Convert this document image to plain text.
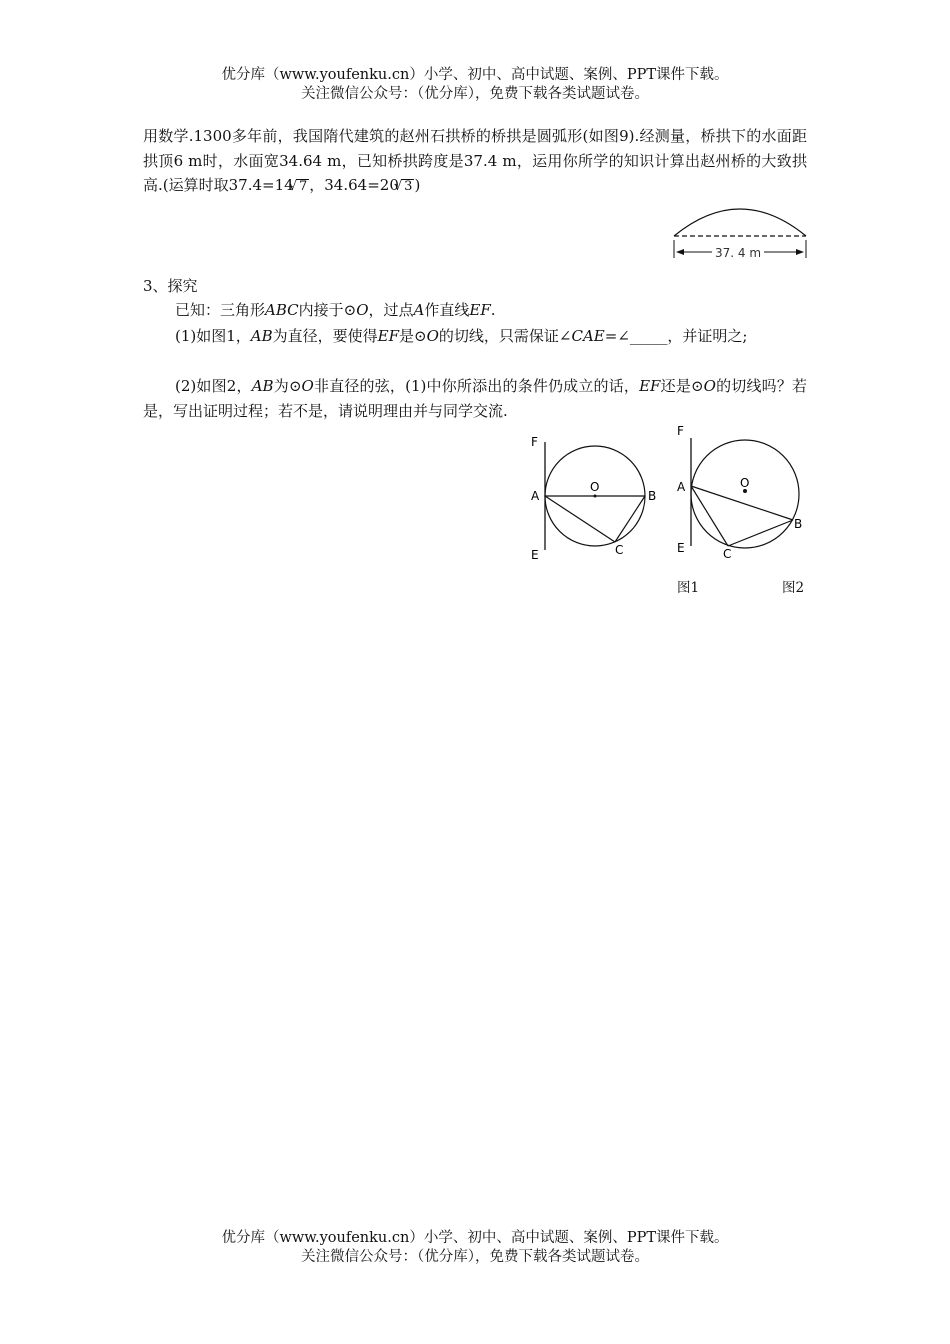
优分库（www.youfenku.cn）小学、初中、高中试题、案例、PPT课件下载。
关注微信公众号：（优分库），免费下载各类试题试卷。
用数学.1300多年前，我国隋代建筑的赵州石拱桥的桥拱是圆弧形(如图9).经测量，桥拱下的水面距拱顶6 m时，水面宽34.64 m，已知桥拱跨度是37.4 m，运用你所学的知识计算出赵州桥的大致拱高.(运算时取37.4=14 √ 7 ，34.64=20 √ 3 )
37. 4 m
3、探究
已知：三角形ABC内接于⊙O，过点A作直线EF.
(1)如图1，AB为直径，要使得EF是⊙O的切线，只需保证∠CAE=∠_____，并证明之;
(2)如图2，AB为⊙O非直径的弦，(1)中你所添出的条件仍成立的话，EF还是⊙O的切线吗？若是，写出证明过程；若不是，请说明理由并与同学交流.
F
A
O
B
C
E
F
A	O
B
C
E
图1	图2
优分库（www.youfenku.cn）小学、初中、高中试题、案例、PPT课件下载。
关注微信公众号：（优分库），免费下载各类试题试卷。
